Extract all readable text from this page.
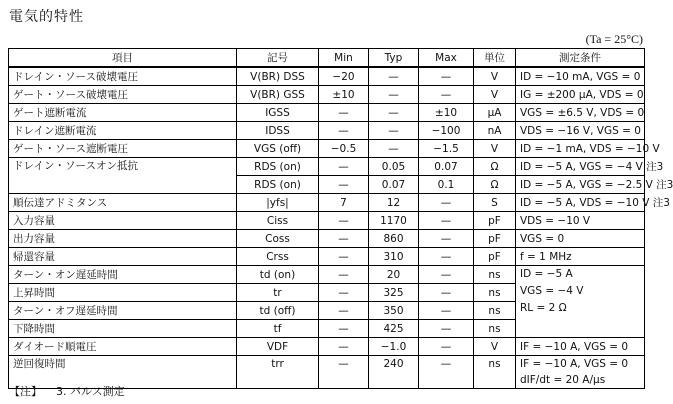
電気的特性
(Ta = 25°C)
項目	記号	Min	Typ	Max	単位	測定条件
ドレイン・ソース破壊電圧	V(BR) DSS	−20	—	—	V	ID = −10 mA, VGS = 0
ゲート・ソース破壊電圧	V(BR) GSS	±10	—	—	V	IG = ±200 µA, VDS = 0
ゲート遮断電流	IGSS	—	—	±10	µA	VGS = ±6.5 V, VDS = 0
ドレイン遮断電流	IDSS	—	—	−100	nA	VDS = −16 V, VGS = 0
ゲート・ソース遮断電圧	VGS (off)	−0.5	—	−1.5	V	ID = −1 mA, VDS = −10 V
ドレイン・ソースオン抵抗	RDS (on)	—	0.05	0.07	Ω	ID = −5 A, VGS = −4 V 注3
	RDS (on)	—	0.07	0.1	Ω	ID = −5 A, VGS = −2.5 V 注3
順伝達アドミタンス	|yfs|	7	12	—	S	ID = −5 A, VDS = −10 V 注3
入力容量	Ciss	—	1170	—	pF	VDS = −10 V
出力容量	Coss	—	860	—	pF	VGS = 0
帰還容量	Crss	—	310	—	pF	f = 1 MHz
ターン・オン遅延時間	td (on)	—	20	—	ns	ID = −5 A
VGS = −4 V
RL = 2 Ω

上昇時間	tr	—	325	—	ns	
ターン・オフ遅延時間	td (off)	—	350	—	ns	
下降時間	tf	—	425	—	ns	
ダイオード順電圧	VDF	—	−1.0	—	V	IF = −10 A, VGS = 0
逆回復時間	trr	—	240	—	ns	IF = −10 A, VGS = 0
dIF/dt = 20 A/µs
【注】 3. パルス測定
